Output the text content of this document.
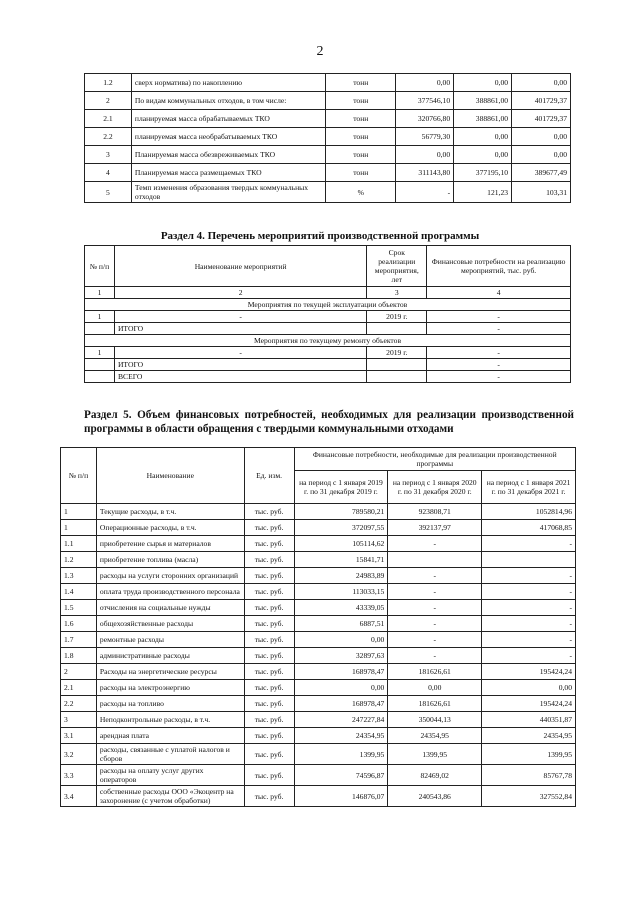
2
1.2	сверх норматива) по накоплению	тонн	0,00	0,00	0,00
2	По видам коммунальных отходов, в том числе:	тонн	377546,10	388861,00	401729,37
2.1	планируемая масса обрабатываемых ТКО	тонн	320766,80	388861,00	401729,37
2.2	планируемая масса необрабатываемых ТКО	тонн	56779,30	0,00	0,00
3	Планируемая масса обезвреживаемых ТКО	тонн	0,00	0,00	0,00
4	Планируемая масса размещаемых ТКО	тонн	311143,80	377195,10	389677,49
5	Темп изменения образования твердых коммунальных отходов	%	-	121,23	103,31
Раздел 4. Перечень мероприятий производственной программы
№ п/п	Наименование мероприятий	Срок реализации мероприятия, лет	Финансовые потребности на реализацию мероприятий, тыс. руб.
1	2	3	4
Мероприятия по текущей эксплуатации объектов			
1	-	2019 г.	-
	ИТОГО		-
Мероприятия по текущему ремонту объектов			
1	-	2019 г.	-
	ИТОГО		-
	ВСЕГО		-
Раздел 5. Объем финансовых потребностей, необходимых для реализации производственной программы в области обращения с твердыми коммунальными отходами
№ п/п	Наименование	Ед. изм.	Финансовые потребности, необходимые для реализации производственной программы		
			на период с 1 января 2019 г. по 31 декабря 2019 г.	на период с 1 января 2020 г. по 31 декабря 2020 г.	на период с 1 января 2021 г. по 31 декабря 2021 г.
1	Текущие расходы, в т.ч.	тыс. руб.	789580,21	923808,71	1052814,96
1	Операционные расходы, в т.ч.	тыс. руб.	372097,55	392137,97	417068,85
1.1	приобретение сырья и материалов	тыс. руб.	105114,62	-	-
1.2	приобретение топлива (масла)	тыс. руб.	15841,71		
1.3	расходы на услуги сторонних организаций	тыс. руб.	24983,89	-	-
1.4	оплата труда производственного персонала	тыс. руб.	113033,15	-	-
1.5	отчисления на социальные нужды	тыс. руб.	43339,05	-	-
1.6	общехозяйственные расходы	тыс. руб.	6887,51	-	-
1.7	ремонтные расходы	тыс. руб.	0,00	-	-
1.8	административные расходы	тыс. руб.	32897,63	-	-
2	Расходы на энергетические ресурсы	тыс. руб.	168978,47	181626,61	195424,24
2.1	расходы на электроэнергию	тыс. руб.	0,00	0,00	0,00
2.2	расходы на топливо	тыс. руб.	168978,47	181626,61	195424,24
3	Неподконтрольные расходы, в т.ч.	тыс. руб.	247227,84	350044,13	440351,87
3.1	арендная плата	тыс. руб.	24354,95	24354,95	24354,95
3.2	расходы, связанные с уплатой налогов и сборов	тыс. руб.	1399,95	1399,95	1399,95
3.3	расходы на оплату услуг других операторов	тыс. руб.	74596,87	82469,02	85767,78
3.4	собственные расходы ООО «Экоцентр на захоронение (с учетом обработки)	тыс. руб.	146876,07	240543,86	327552,84
